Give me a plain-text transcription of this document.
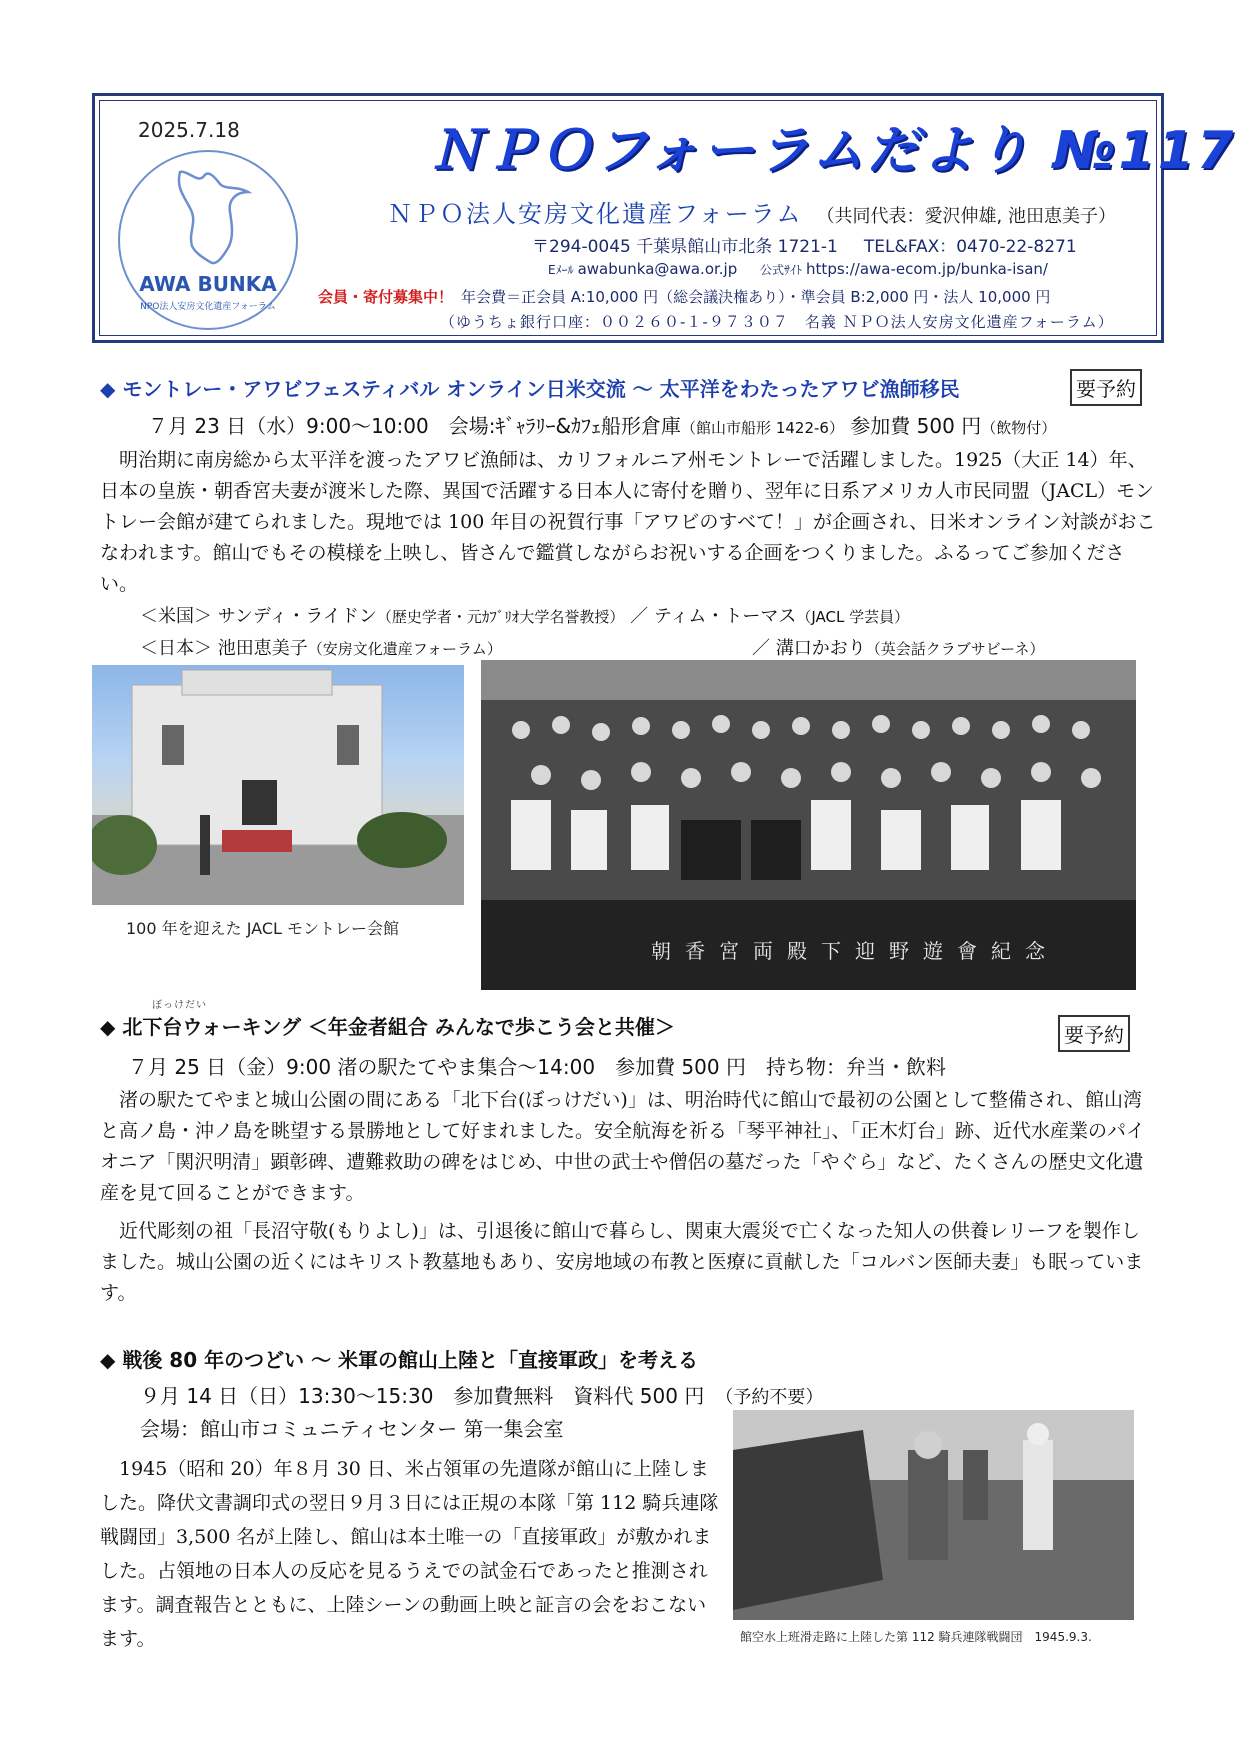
2025.7.18
AWA BUNKA
NPO法人安房文化遺産フォーラム
ＮＰＯフォーラムだより №117
ＮＰＯ法人安房文化遺産フォーラム （共同代表：愛沢伸雄, 池田恵美子）
〒294-0045 千葉県館山市北条 1721-1 TEL&FAX：0470-22-8271
Eﾒｰﾙ awabunka@awa.or.jp 公式ｻｲﾄ https://awa-ecom.jp/bunka-isan/
会員・寄付募集中！ 年会費＝正会員 A:10,000 円（総会議決権あり）・準会員 B:2,000 円・法人 10,000 円
（ゆうちょ銀行口座：００２６０-１-９７３０７　名義 ＮＰＯ法人安房文化遺産フォーラム）
◆ モントレー・アワビフェスティバル オンライン日米交流 ～ 太平洋をわたったアワビ漁師移民	要予約
７月 23 日（水）9:00～10:00　会場:ｷﾞｬﾗﾘｰ&ｶﾌｪ船形倉庫（館山市船形 1422-6） 参加費 500 円（飲物付）
　明治期に南房総から太平洋を渡ったアワビ漁師は、カリフォルニア州モントレーで活躍しました。1925（大正 14）年、日本の皇族・朝香宮夫妻が渡米した際、異国で活躍する日本人に寄付を贈り、翌年に日系アメリカ人市民同盟（JACL）モントレー会館が建てられました。現地では 100 年目の祝賀行事「アワビのすべて！」が企画され、日米オンライン対談がおこなわれます。館山でもその模様を上映し、皆さんで鑑賞しながらお祝いする企画をつくりました。ふるってご参加ください。
＜米国＞ サンディ・ライドン（歴史学者・元ｶﾌﾞﾘｵ大学名誉教授） ／ ティム・トーマス（JACL 学芸員）
＜日本＞ 池田恵美子（安房文化遺産フォーラム）	／ 溝口かおり（英会話クラブサビーネ）
100 年を迎えた JACL モントレー会館
朝香宮両殿下迎野遊會紀念
ぼっけだい
◆ 北下台ウォーキング ＜年金者組合 みんなで歩こう会と共催＞	要予約
７月 25 日（金）9:00 渚の駅たてやま集合～14:00　参加費 500 円　持ち物：弁当・飲料
　渚の駅たてやまと城山公園の間にある「北下台(ぼっけだい)」は、明治時代に館山で最初の公園として整備され、館山湾と高ノ島・沖ノ島を眺望する景勝地として好まれました。安全航海を祈る「琴平神社」、「正木灯台」跡、近代水産業のパイオニア「関沢明清」顕彰碑、遭難救助の碑をはじめ、中世の武士や僧侶の墓だった「やぐら」など、たくさんの歴史文化遺産を見て回ることができます。
　近代彫刻の祖「長沼守敬(もりよし)」は、引退後に館山で暮らし、関東大震災で亡くなった知人の供養レリーフを製作しました。城山公園の近くにはキリスト教墓地もあり、安房地域の布教と医療に貢献した「コルバン医師夫妻」も眠っています。
◆ 戦後 80 年のつどい ～ 米軍の館山上陸と「直接軍政」を考える
９月 14 日（日）13:30～15:30　参加費無料　資料代 500 円　 （予約不要）
会場：館山市コミュニティセンター 第一集会室
　1945（昭和 20）年８月 30 日、米占領軍の先遣隊が館山に上陸しました。降伏文書調印式の翌日９月３日には正規の本隊「第 112 騎兵連隊戦闘団」3,500 名が上陸し、館山は本土唯一の「直接軍政」が敷かれました。占領地の日本人の反応を見るうえでの試金石であったと推測されます。調査報告とともに、上陸シーンの動画上映と証言の会をおこないます。	館空水上班滑走路に上陸した第 112 騎兵連隊戦闘団　1945.9.3.
